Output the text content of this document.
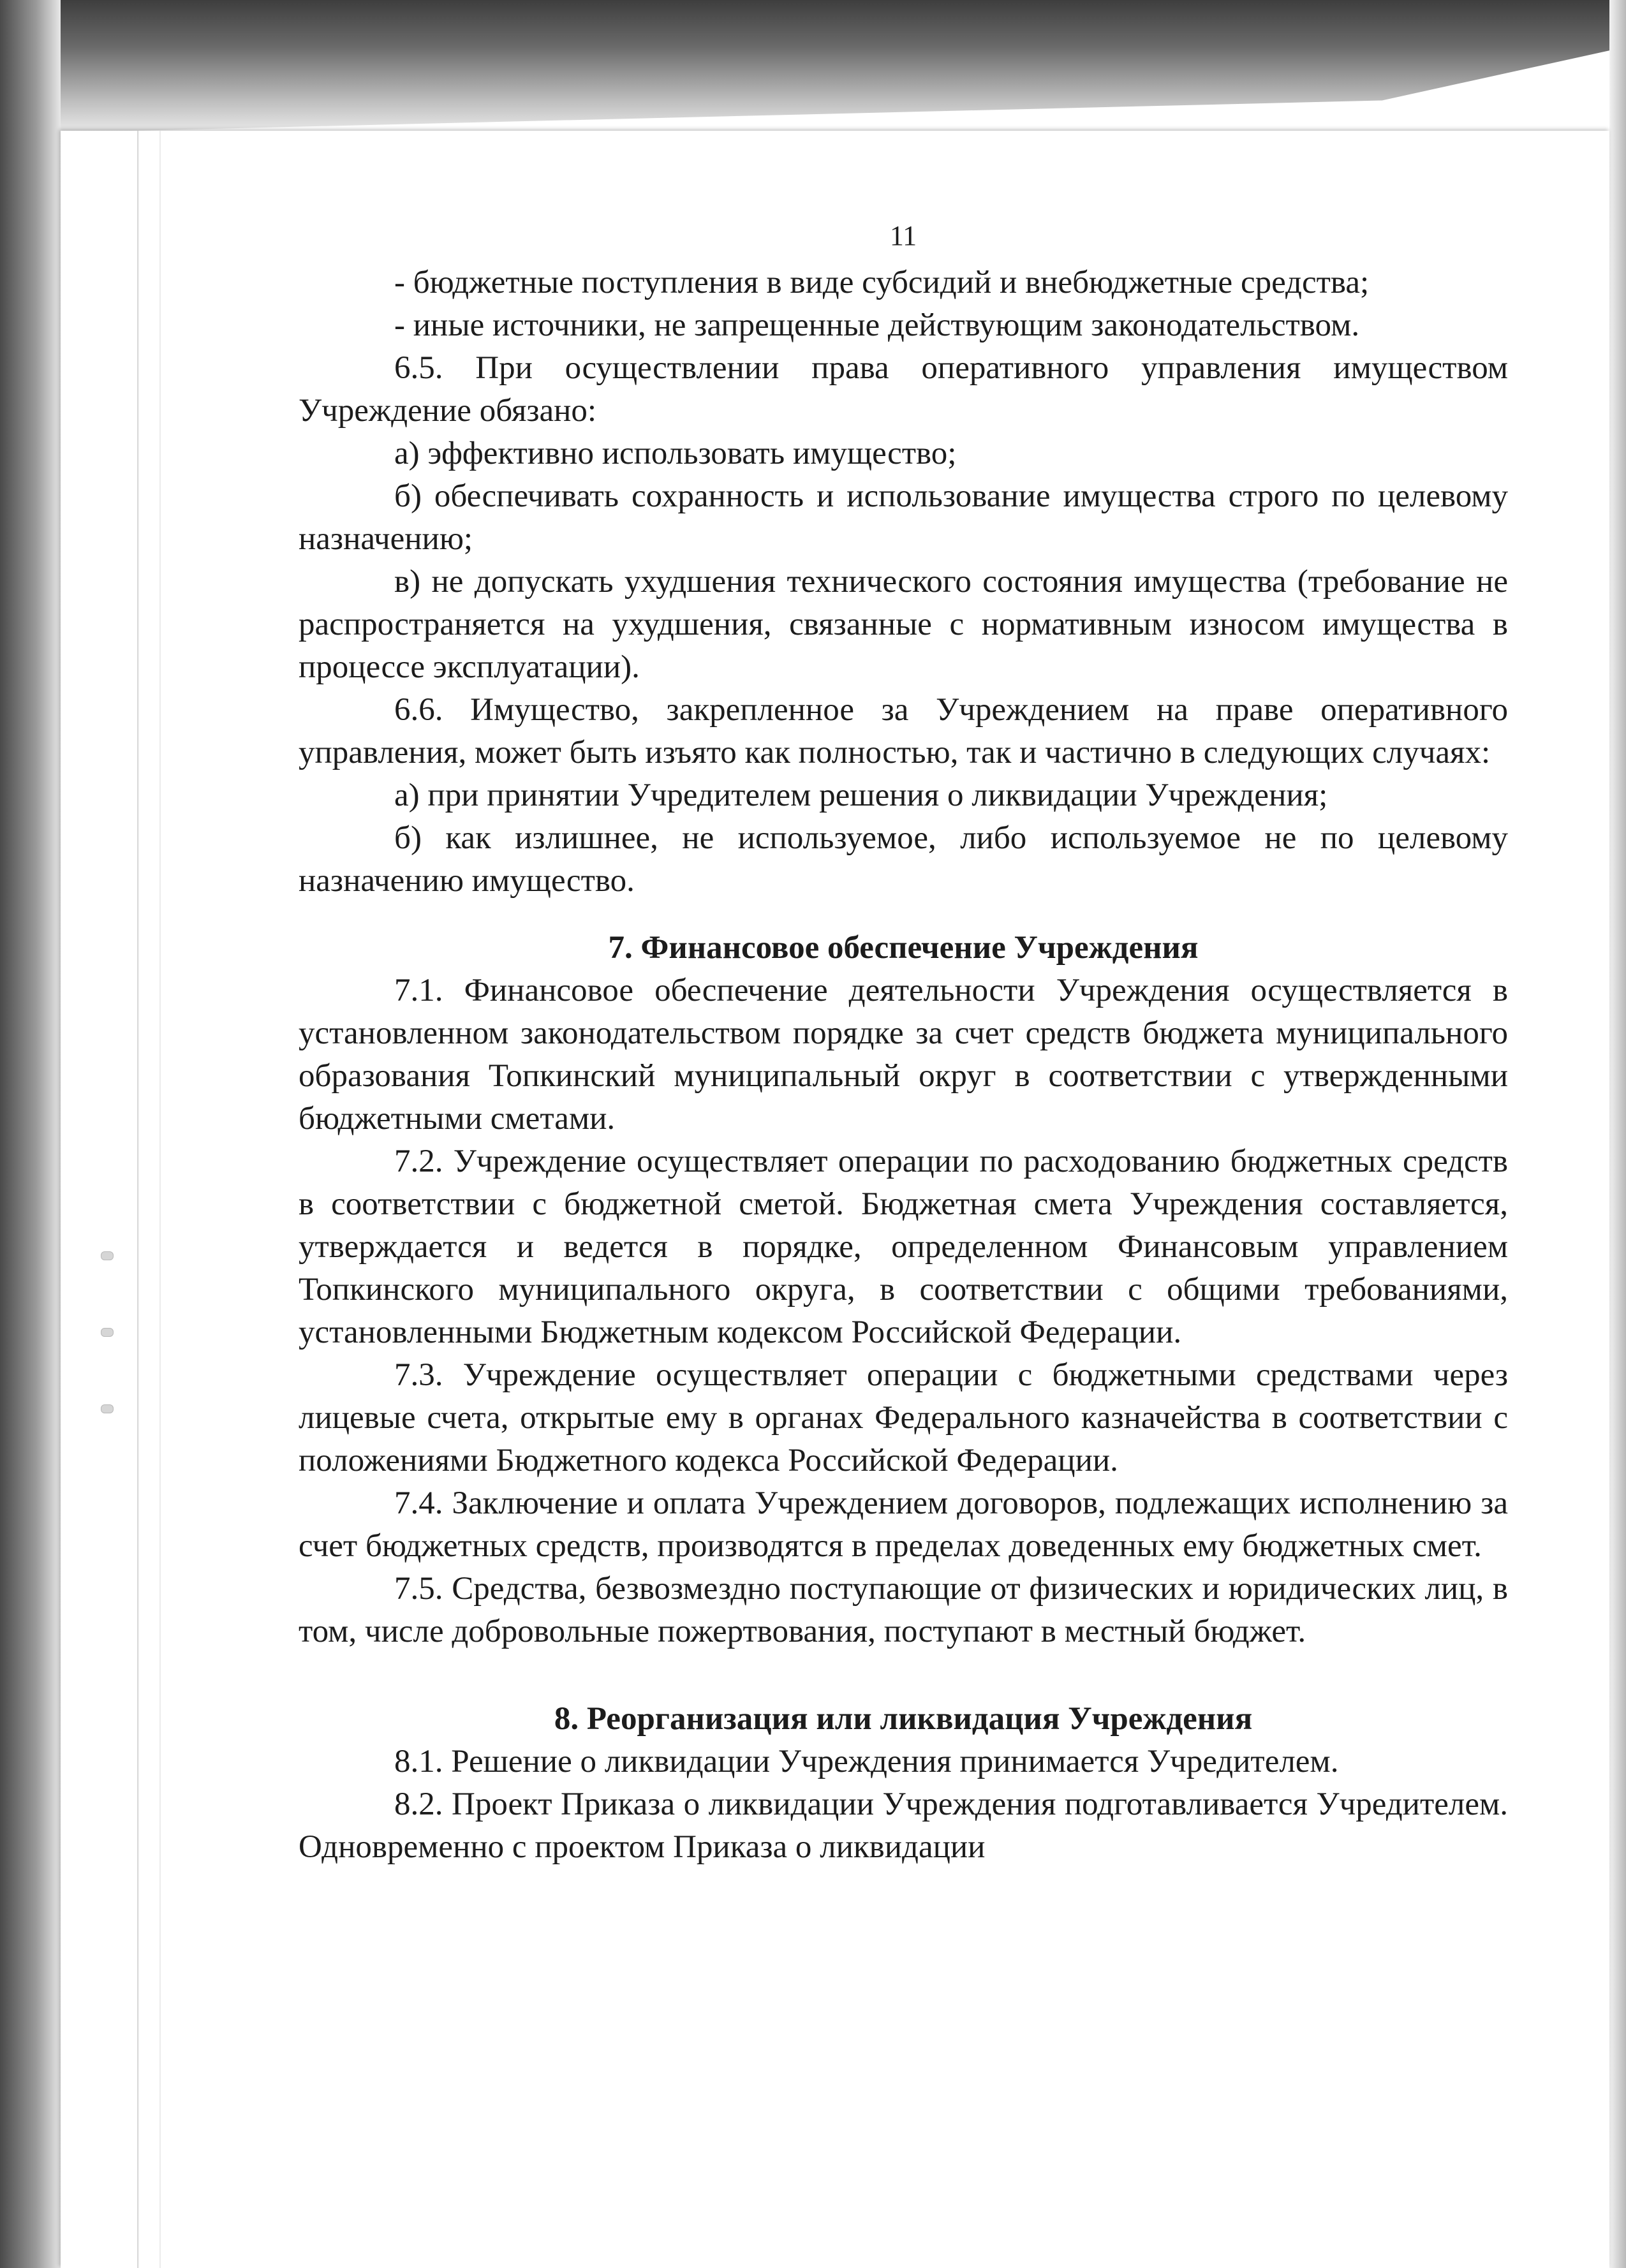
11

- бюджетные поступления в виде субсидий и внебюджетные средства;

- иные источники, не запрещенные действующим законодательством.

6.5. При осуществлении права оперативного управления имуществом Учреждение обязано:

а) эффективно использовать имущество;

б) обеспечивать сохранность и использование имущества строго по целевому назначению;

в) не допускать ухудшения технического состояния имущества (требование не распространяется на ухудшения, связанные с нормативным износом имущества в процессе эксплуатации).

6.6. Имущество, закрепленное за Учреждением на праве оперативного управления, может быть изъято как полностью, так и частично в следующих случаях:

а) при принятии Учредителем решения о ликвидации Учреждения;

б) как излишнее, не используемое, либо используемое не по целевому назначению имущество.

7. Финансовое обеспечение Учреждения

7.1. Финансовое обеспечение деятельности Учреждения осуществляется в установленном законодательством порядке за счет средств бюджета муниципального образования Топкинский муниципальный округ в соответствии с утвержденными бюджетными сметами.

7.2. Учреждение осуществляет операции по расходованию бюджетных средств в соответствии с бюджетной сметой. Бюджетная смета Учреждения составляется, утверждается и ведется в порядке, определенном Финансовым управлением Топкинского муниципального округа, в соответствии с общими требованиями, установленными Бюджетным кодексом Российской Федерации.

7.3. Учреждение осуществляет операции с бюджетными средствами через лицевые счета, открытые ему в органах Федерального казначейства в соответствии с положениями Бюджетного кодекса Российской Федерации.

7.4. Заключение и оплата Учреждением договоров, подлежащих исполнению за счет бюджетных средств, производятся в пределах доведенных ему бюджетных смет.

7.5. Средства, безвозмездно поступающие от физических и юридических лиц, в том, числе добровольные пожертвования, поступают в местный бюджет.

8. Реорганизация или ликвидация Учреждения

8.1. Решение о ликвидации Учреждения принимается Учредителем.

8.2. Проект Приказа о ликвидации Учреждения подготавливается Учредителем. Одновременно с проектом Приказа о ликвидации
